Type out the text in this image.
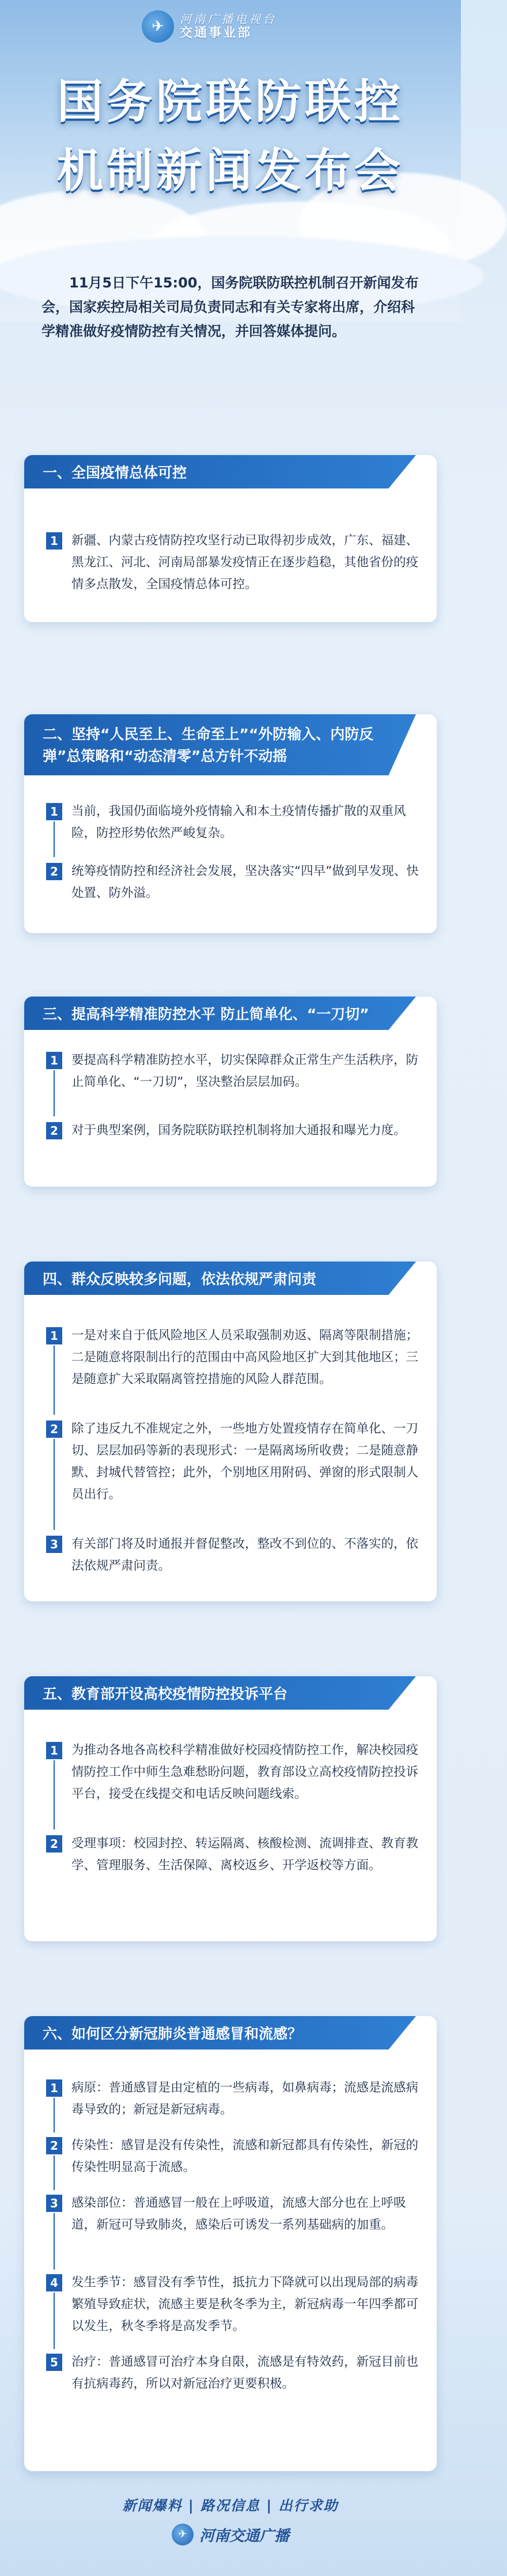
✈	河南广播电视台
交通事业部
国务院联防联控
机制新闻发布会
11月5日下午15:00，国务院联防联控机制召开新闻发布会，国家疾控局相关司局负责同志和有关专家将出席，介绍科学精准做好疫情防控有关情况，并回答媒体提问。
一、全国疫情总体可控
1	新疆、内蒙古疫情防控攻坚行动已取得初步成效，广东、福建、黑龙江、河北、河南局部暴发疫情正在逐步趋稳，其他省份的疫情多点散发，全国疫情总体可控。
二、坚持“人民至上、生命至上”“外防输入、内防反弹”总策略和“动态清零”总方针不动摇
1	当前，我国仍面临境外疫情输入和本土疫情传播扩散的双重风险，防控形势依然严峻复杂。
2	统筹疫情防控和经济社会发展，坚决落实“四早”做到早发现、快处置、防外溢。
三、提高科学精准防控水平 防止简单化、“一刀切”
1	要提高科学精准防控水平，切实保障群众正常生产生活秩序，防止简单化、“一刀切”，坚决整治层层加码。
2	对于典型案例，国务院联防联控机制将加大通报和曝光力度。
四、群众反映较多问题，依法依规严肃问责
1	一是对来自于低风险地区人员采取强制劝返、隔离等限制措施；二是随意将限制出行的范围由中高风险地区扩大到其他地区；三是随意扩大采取隔离管控措施的风险人群范围。
2	除了违反九不准规定之外，一些地方处置疫情存在简单化、一刀切、层层加码等新的表现形式：一是隔离场所收费；二是随意静默、封城代替管控；此外，个别地区用附码、弹窗的形式限制人员出行。
3	有关部门将及时通报并督促整改，整改不到位的、不落实的，依法依规严肃问责。
五、教育部开设高校疫情防控投诉平台
1	为推动各地各高校科学精准做好校园疫情防控工作，解决校园疫情防控工作中师生急难愁盼问题，教育部设立高校疫情防控投诉平台，接受在线提交和电话反映问题线索。
2	受理事项：校园封控、转运隔离、核酸检测、流调排查、教育教学、管理服务、生活保障、离校返乡、开学返校等方面。
六、如何区分新冠肺炎普通感冒和流感？
1	病原：普通感冒是由定植的一些病毒，如鼻病毒；流感是流感病毒导致的；新冠是新冠病毒。
2	传染性：感冒是没有传染性，流感和新冠都具有传染性，新冠的传染性明显高于流感。
3	感染部位：普通感冒一般在上呼吸道，流感大部分也在上呼吸道，新冠可导致肺炎，感染后可诱发一系列基础病的加重。
4	发生季节：感冒没有季节性，抵抗力下降就可以出现局部的病毒繁殖导致症状，流感主要是秋冬季为主，新冠病毒一年四季都可以发生，秋冬季将是高发季节。
5	治疗：普通感冒可治疗本身自限，流感是有特效药，新冠目前也有抗病毒药，所以对新冠治疗更要积极。
新闻爆料 | 路况信息 | 出行求助
✈ 河南交通广播
